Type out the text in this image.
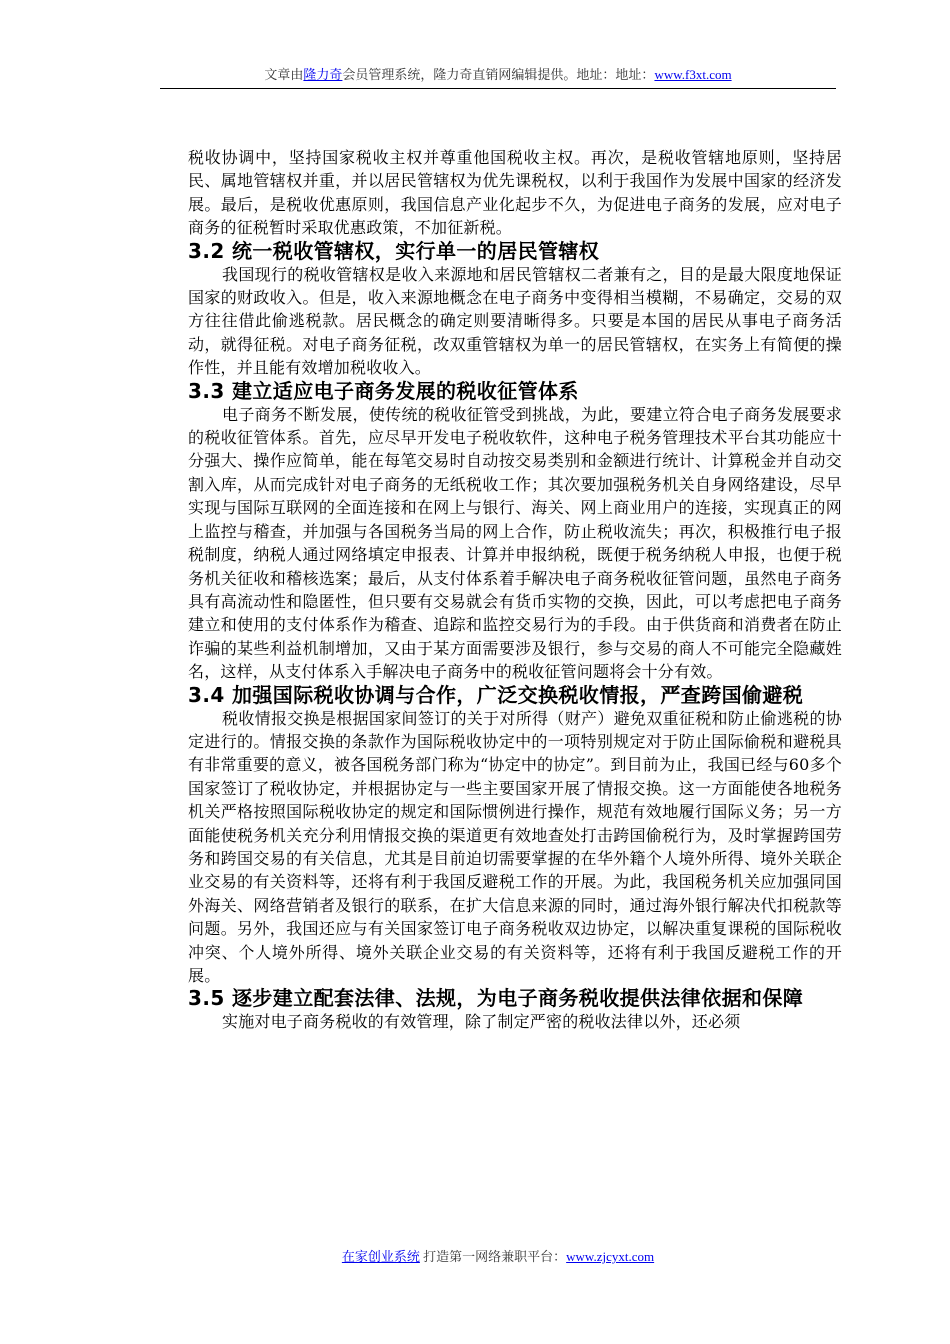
文章由隆力奇会员管理系统，隆力奇直销网编辑提供。地址：地址：www.f3xt.com

税收协调中，坚持国家税收主权并尊重他国税收主权。再次，是税收管辖地原则，坚持居民、属地管辖权并重，并以居民管辖权为优先课税权，以利于我国作为发展中国家的经济发展。最后，是税收优惠原则，我国信息产业化起步不久，为促进电子商务的发展，应对电子商务的征税暂时采取优惠政策，不加征新税。

3.2 统一税收管辖权，实行单一的居民管辖权

我国现行的税收管辖权是收入来源地和居民管辖权二者兼有之，目的是最大限度地保证国家的财政收入。但是，收入来源地概念在电子商务中变得相当模糊，不易确定，交易的双方往往借此偷逃税款。居民概念的确定则要清晰得多。只要是本国的居民从事电子商务活动，就得征税。对电子商务征税，改双重管辖权为单一的居民管辖权，在实务上有简便的操作性，并且能有效增加税收收入。

3.3 建立适应电子商务发展的税收征管体系

电子商务不断发展，使传统的税收征管受到挑战，为此，要建立符合电子商务发展要求的税收征管体系。首先，应尽早开发电子税收软件，这种电子税务管理技术平台其功能应十分强大、操作应简单，能在每笔交易时自动按交易类别和金额进行统计、计算税金并自动交割入库，从而完成针对电子商务的无纸税收工作；其次要加强税务机关自身网络建设，尽早实现与国际互联网的全面连接和在网上与银行、海关、网上商业用户的连接，实现真正的网上监控与稽查，并加强与各国税务当局的网上合作，防止税收流失；再次，积极推行电子报税制度，纳税人通过网络填定申报表、计算并申报纳税，既便于税务纳税人申报，也便于税务机关征收和稽核选案；最后，从支付体系着手解决电子商务税收征管问题，虽然电子商务具有高流动性和隐匿性，但只要有交易就会有货币实物的交换，因此，可以考虑把电子商务建立和使用的支付体系作为稽查、追踪和监控交易行为的手段。由于供货商和消费者在防止诈骗的某些利益机制增加，又由于某方面需要涉及银行，参与交易的商人不可能完全隐藏姓名，这样，从支付体系入手解决电子商务中的税收征管问题将会十分有效。

3.4 加强国际税收协调与合作，广泛交换税收情报，严查跨国偷避税

税收情报交换是根据国家间签订的关于对所得（财产）避免双重征税和防止偷逃税的协定进行的。情报交换的条款作为国际税收协定中的一项特别规定对于防止国际偷税和避税具有非常重要的意义，被各国税务部门称为“协定中的协定”。到目前为止，我国已经与60多个国家签订了税收协定，并根据协定与一些主要国家开展了情报交换。这一方面能使各地税务机关严格按照国际税收协定的规定和国际惯例进行操作，规范有效地履行国际义务；另一方面能使税务机关充分利用情报交换的渠道更有效地查处打击跨国偷税行为，及时掌握跨国劳务和跨国交易的有关信息，尤其是目前迫切需要掌握的在华外籍个人境外所得、境外关联企业交易的有关资料等，还将有利于我国反避税工作的开展。为此，我国税务机关应加强同国外海关、网络营销者及银行的联系，在扩大信息来源的同时，通过海外银行解决代扣税款等问题。另外，我国还应与有关国家签订电子商务税收双边协定，以解决重复课税的国际税收冲突、个人境外所得、境外关联企业交易的有关资料等，还将有利于我国反避税工作的开展。

3.5 逐步建立配套法律、法规，为电子商务税收提供法律依据和保障

实施对电子商务税收的有效管理，除了制定严密的税收法律以外，还必须

在家创业系统 打造第一网络兼职平台：www.zjcyxt.com
